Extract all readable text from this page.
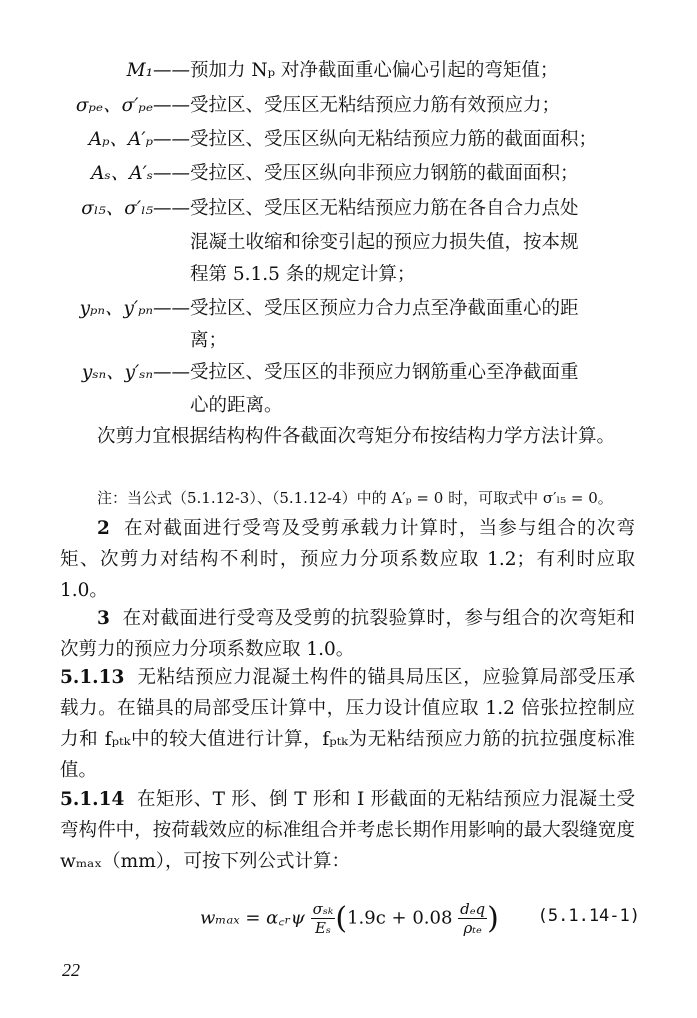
M₁——预加力 Nₚ 对净截面重心偏心引起的弯矩值；
σₚₑ、σ′ₚₑ——受拉区、受压区无粘结预应力筋有效预应力；
Aₚ、A′ₚ——受拉区、受压区纵向无粘结预应力筋的截面面积；
Aₛ、A′ₛ——受拉区、受压区纵向非预应力钢筋的截面面积；
σₗ₅、σ′ₗ₅——受拉区、受压区无粘结预应力筋在各自合力点处
混凝土收缩和徐变引起的预应力损失值，按本规
程第 5.1.5 条的规定计算；
yₚₙ、y′ₚₙ——受拉区、受压区预应力合力点至净截面重心的距
离；
yₛₙ、y′ₛₙ——受拉区、受压区的非预应力钢筋重心至净截面重
心的距离。
次剪力宜根据结构构件各截面次弯矩分布按结构力学方法计算。
注：当公式（5.1.12-3）、（5.1.12-4）中的 A′ₚ = 0 时，可取式中 σ′ₗ₅ = 0。
2 在对截面进行受弯及受剪承载力计算时，当参与组合的次弯矩、次剪力对结构不利时，预应力分项系数应取 1.2；有利时应取 1.0。
3 在对截面进行受弯及受剪的抗裂验算时，参与组合的次弯矩和次剪力的预应力分项系数应取 1.0。
5.1.13 无粘结预应力混凝土构件的锚具局压区，应验算局部受压承载力。在锚具的局部受压计算中，压力设计值应取 1.2 倍张拉控制应力和 fₚₜₖ中的较大值进行计算，fₚₜₖ为无粘结预应力筋的抗拉强度标准值。
5.1.14 在矩形、T 形、倒 T 形和 I 形截面的无粘结预应力混凝土受弯构件中，按荷载效应的标准组合并考虑长期作用影响的最大裂缝宽度 wₘₐₓ（mm），可按下列公式计算：
wₘₐₓ = α꜀ᵣψ $\frac{\text{σₛₖ}}{\text{Eₛ}} (1.9c + 0.08 \frac{\text{dₑq}}{\text{ρₜₑ}}$ ) (5.1.14-1)
22
